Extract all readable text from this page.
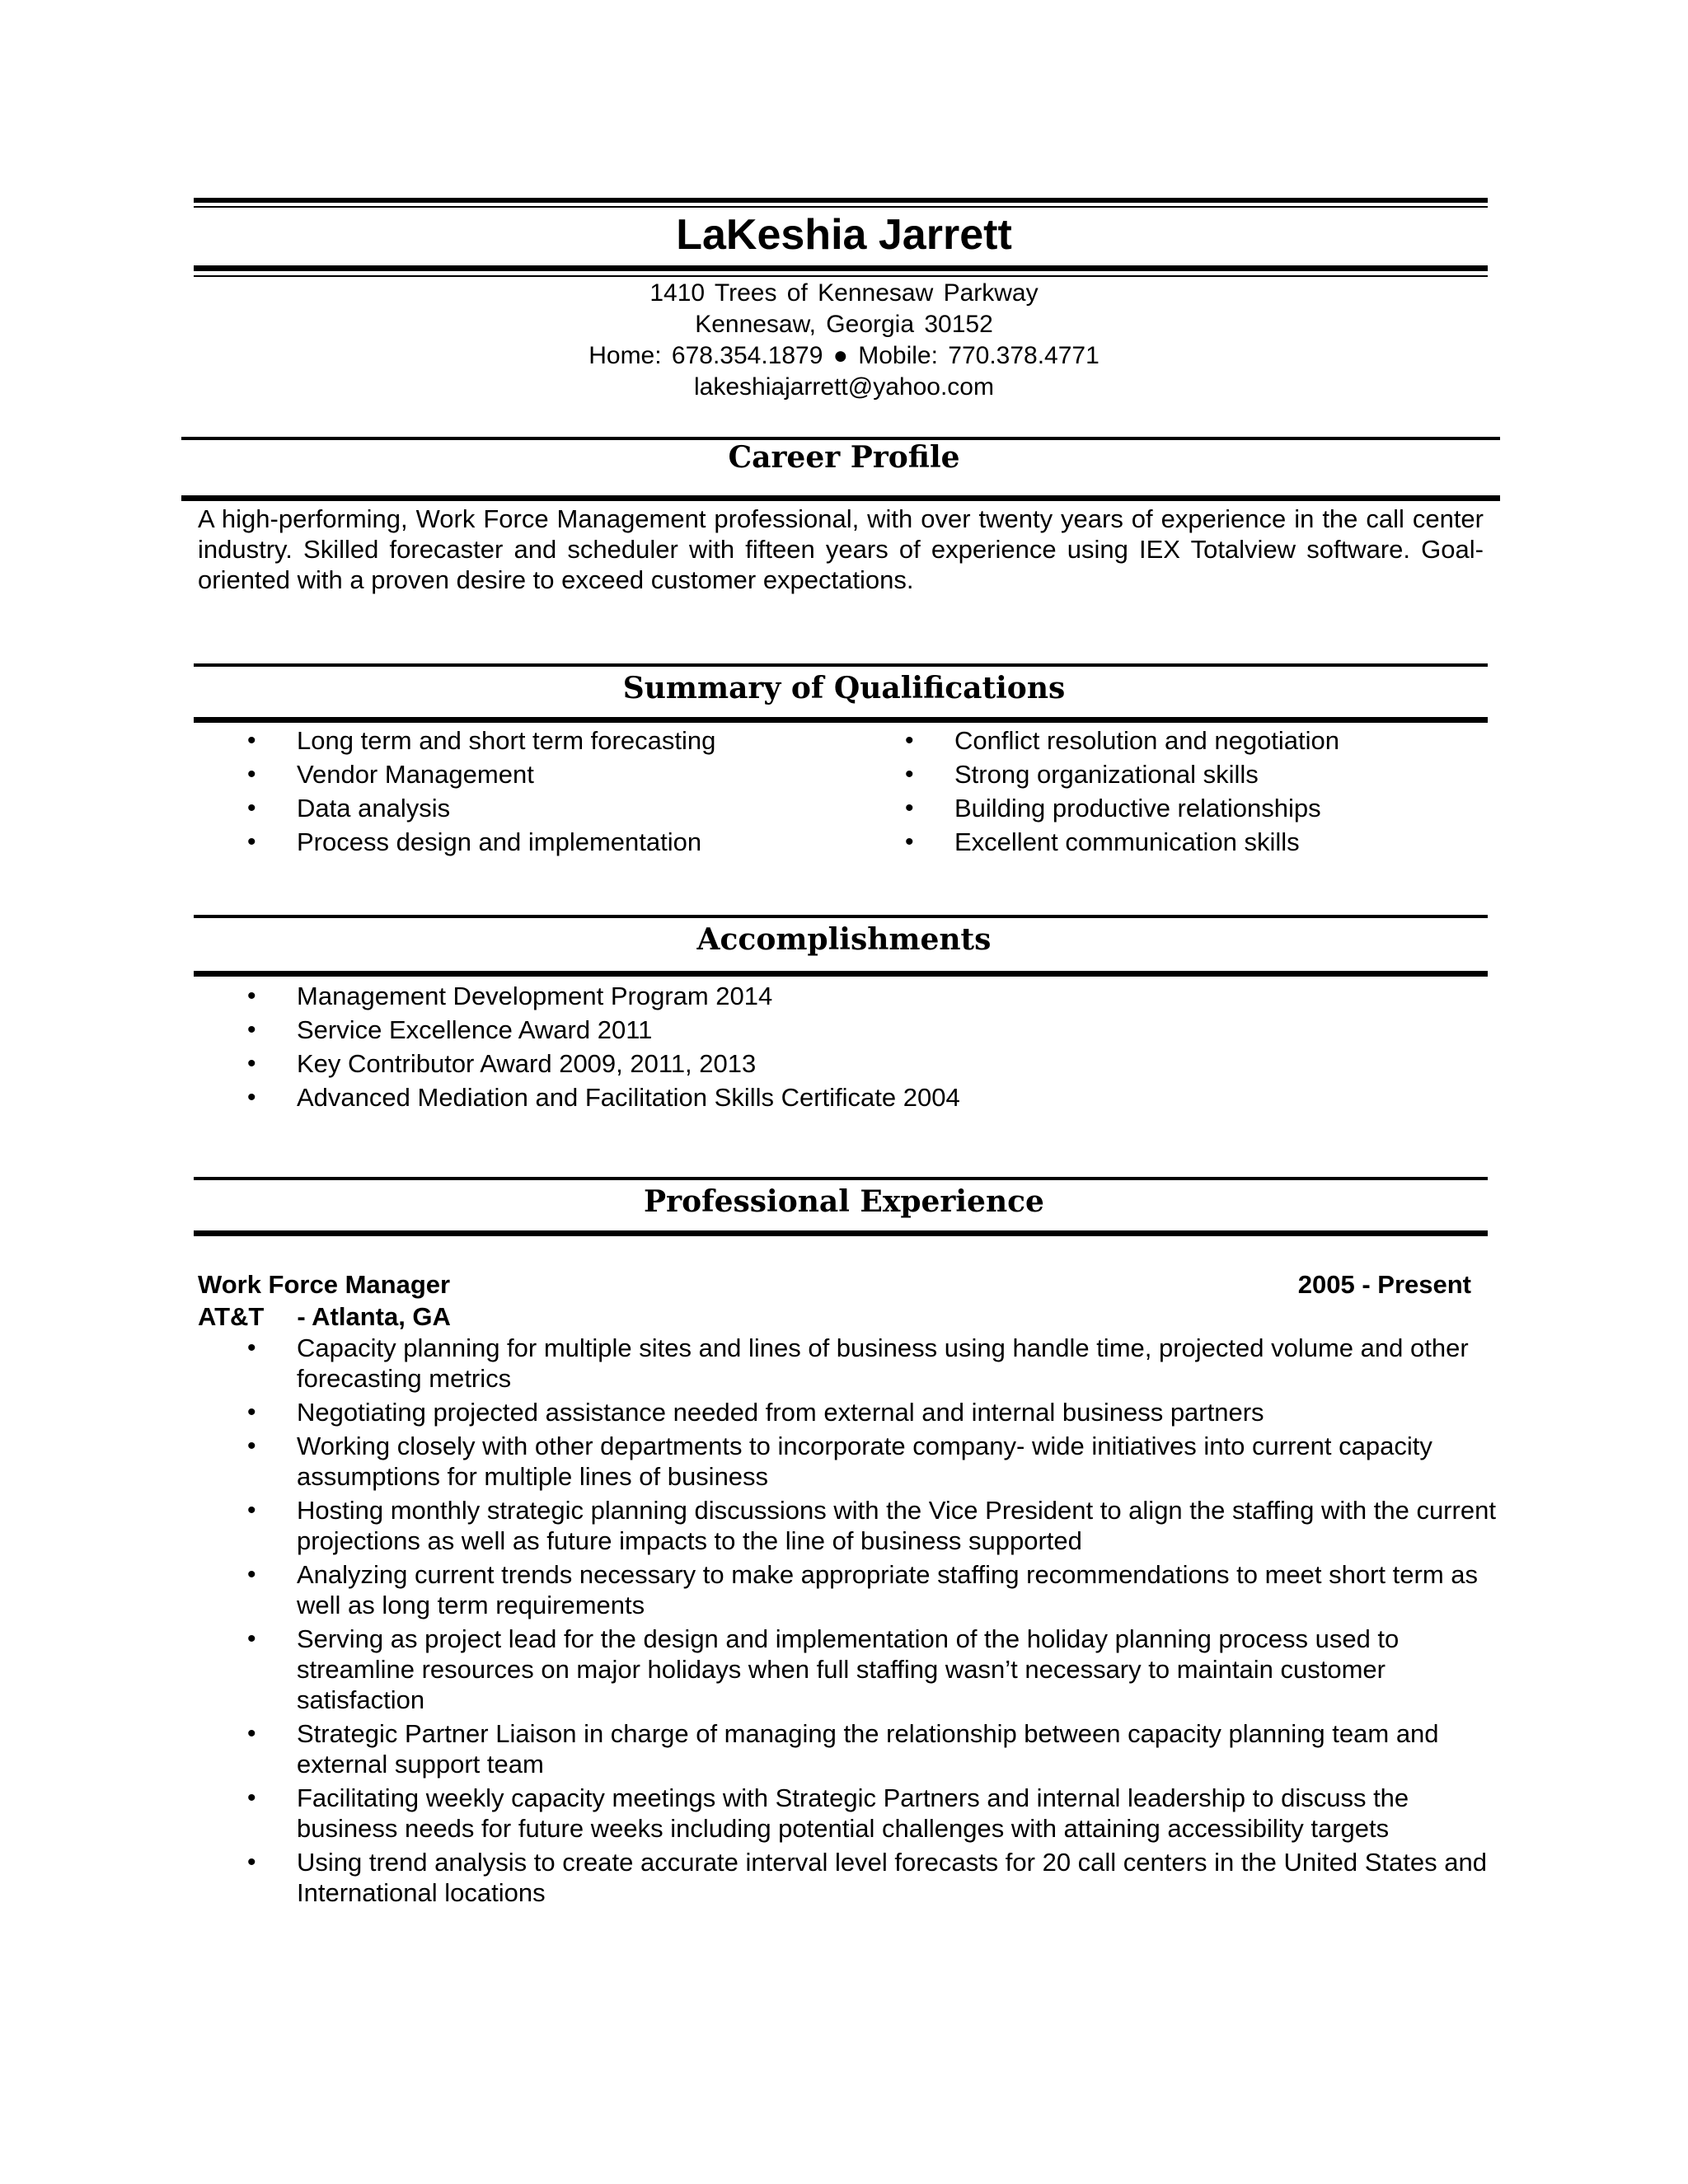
LaKeshia Jarrett
1410 Trees of Kennesaw Parkway
Kennesaw, Georgia 30152
Home: 678.354.1879 ● Mobile: 770.378.4771
lakeshiajarrett@yahoo.com
Career Profile
A high-performing, Work Force Management professional, with over twenty years of experience in the call center industry. Skilled forecaster and scheduler with fifteen years of experience using IEX Totalview software. Goal-oriented with a proven desire to exceed customer expectations.
Summary of Qualifications
• Long term and short term forecasting
• Vendor Management
• Data analysis
• Process design and implementation
• Conflict resolution and negotiation
• Strong organizational skills
• Building productive relationships
• Excellent communication skills
Accomplishments
• Management Development Program 2014
• Service Excellence Award 2011
• Key Contributor Award 2009, 2011, 2013
• Advanced Mediation and Facilitation Skills Certificate 2004
Professional Experience
Work Force Manager	2005 - Present
AT&T - Atlanta, GA
• Capacity planning for multiple sites and lines of business using handle time, projected volume and other forecasting metrics
• Negotiating projected assistance needed from external and internal business partners
• Working closely with other departments to incorporate company- wide initiatives into current capacity assumptions for multiple lines of business
• Hosting monthly strategic planning discussions with the Vice President to align the staffing with the current projections as well as future impacts to the line of business supported
• Analyzing current trends necessary to make appropriate staffing recommendations to meet short term as well as long term requirements
• Serving as project lead for the design and implementation of the holiday planning process used to streamline resources on major holidays when full staffing wasn’t necessary to maintain customer satisfaction
• Strategic Partner Liaison in charge of managing the relationship between capacity planning team and external support team
• Facilitating weekly capacity meetings with Strategic Partners and internal leadership to discuss the business needs for future weeks including potential challenges with attaining accessibility targets
• Using trend analysis to create accurate interval level forecasts for 20 call centers in the United States and International locations
